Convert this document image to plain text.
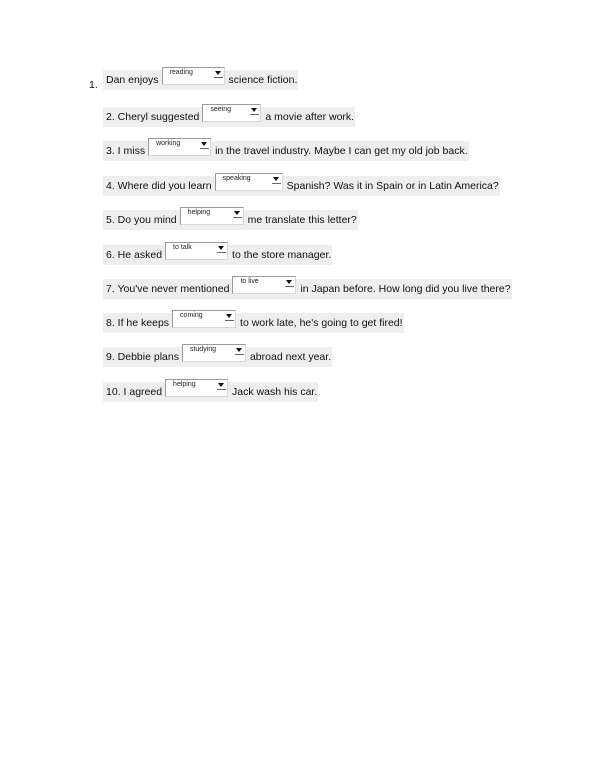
1. Dan enjoys
reading
science fiction.
2. Cheryl suggested
seeing
a movie after work.
3. I miss
working
in the travel industry. Maybe I can get my old job back.
4. Where did you learn
speaking
Spanish? Was it in Spain or in Latin America?
5. Do you mind
helping
me translate this letter?
6. He asked
to talk
to the store manager.
7. You've never mentioned
to live
in Japan before. How long did you live there?
8. If he keeps
coming
to work late, he's going to get fired!
9. Debbie plans
studying
abroad next year.
10. I agreed
helping
Jack wash his car.
